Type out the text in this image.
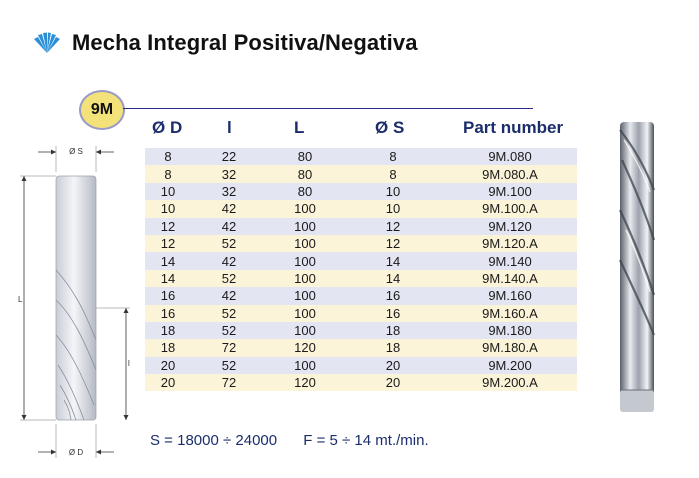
Mecha Integral Positiva/Negativa
9M
Ø D	l	L	Ø S	Part number
8	22	80	8	9M.080
8	32	80	8	9M.080.A
10	32	80	10	9M.100
10	42	100	10	9M.100.A
12	42	100	12	9M.120
12	52	100	12	9M.120.A
14	42	100	14	9M.140
14	52	100	14	9M.140.A
16	42	100	16	9M.160
16	52	100	16	9M.160.A
18	52	100	18	9M.180
18	72	120	18	9M.180.A
20	52	100	20	9M.200
20	72	120	20	9M.200.A
S = 18000 ÷ 24000 F = 5 ÷ 14 mt./min.
Ø S
L
l
Ø D
